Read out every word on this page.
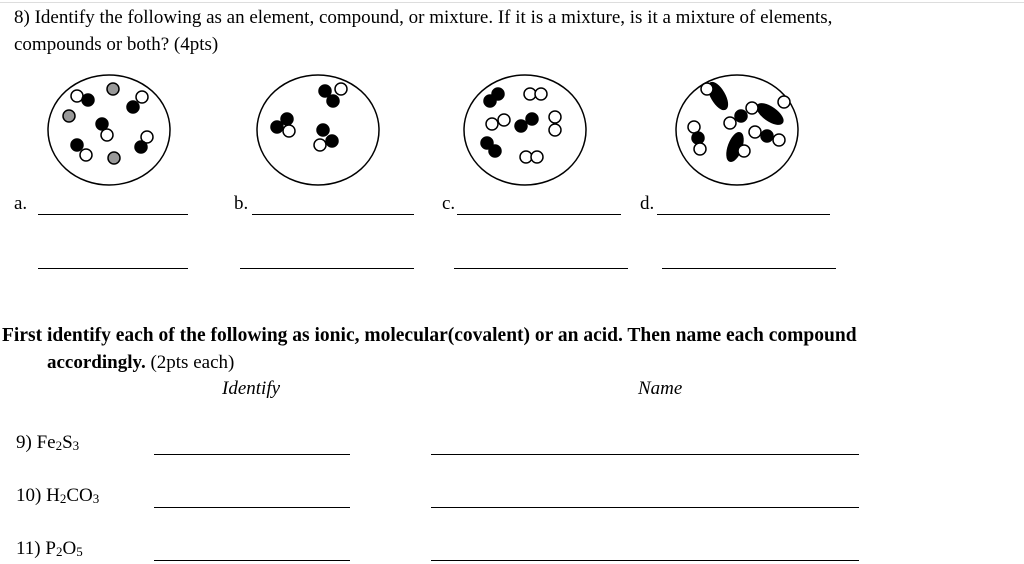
8) Identify the following as an element, compound, or mixture. If it is a mixture, is it a mixture of elements,
compounds or both? (4pts)
a.	b.	c.	d.
First identify each of the following as ionic, molecular(covalent) or an acid. Then name each compound
accordingly. (2pts each)
Identify	Name
9) $Fe_2S_3$
10) $H_2CO_3$
11) $P_2O_5$
